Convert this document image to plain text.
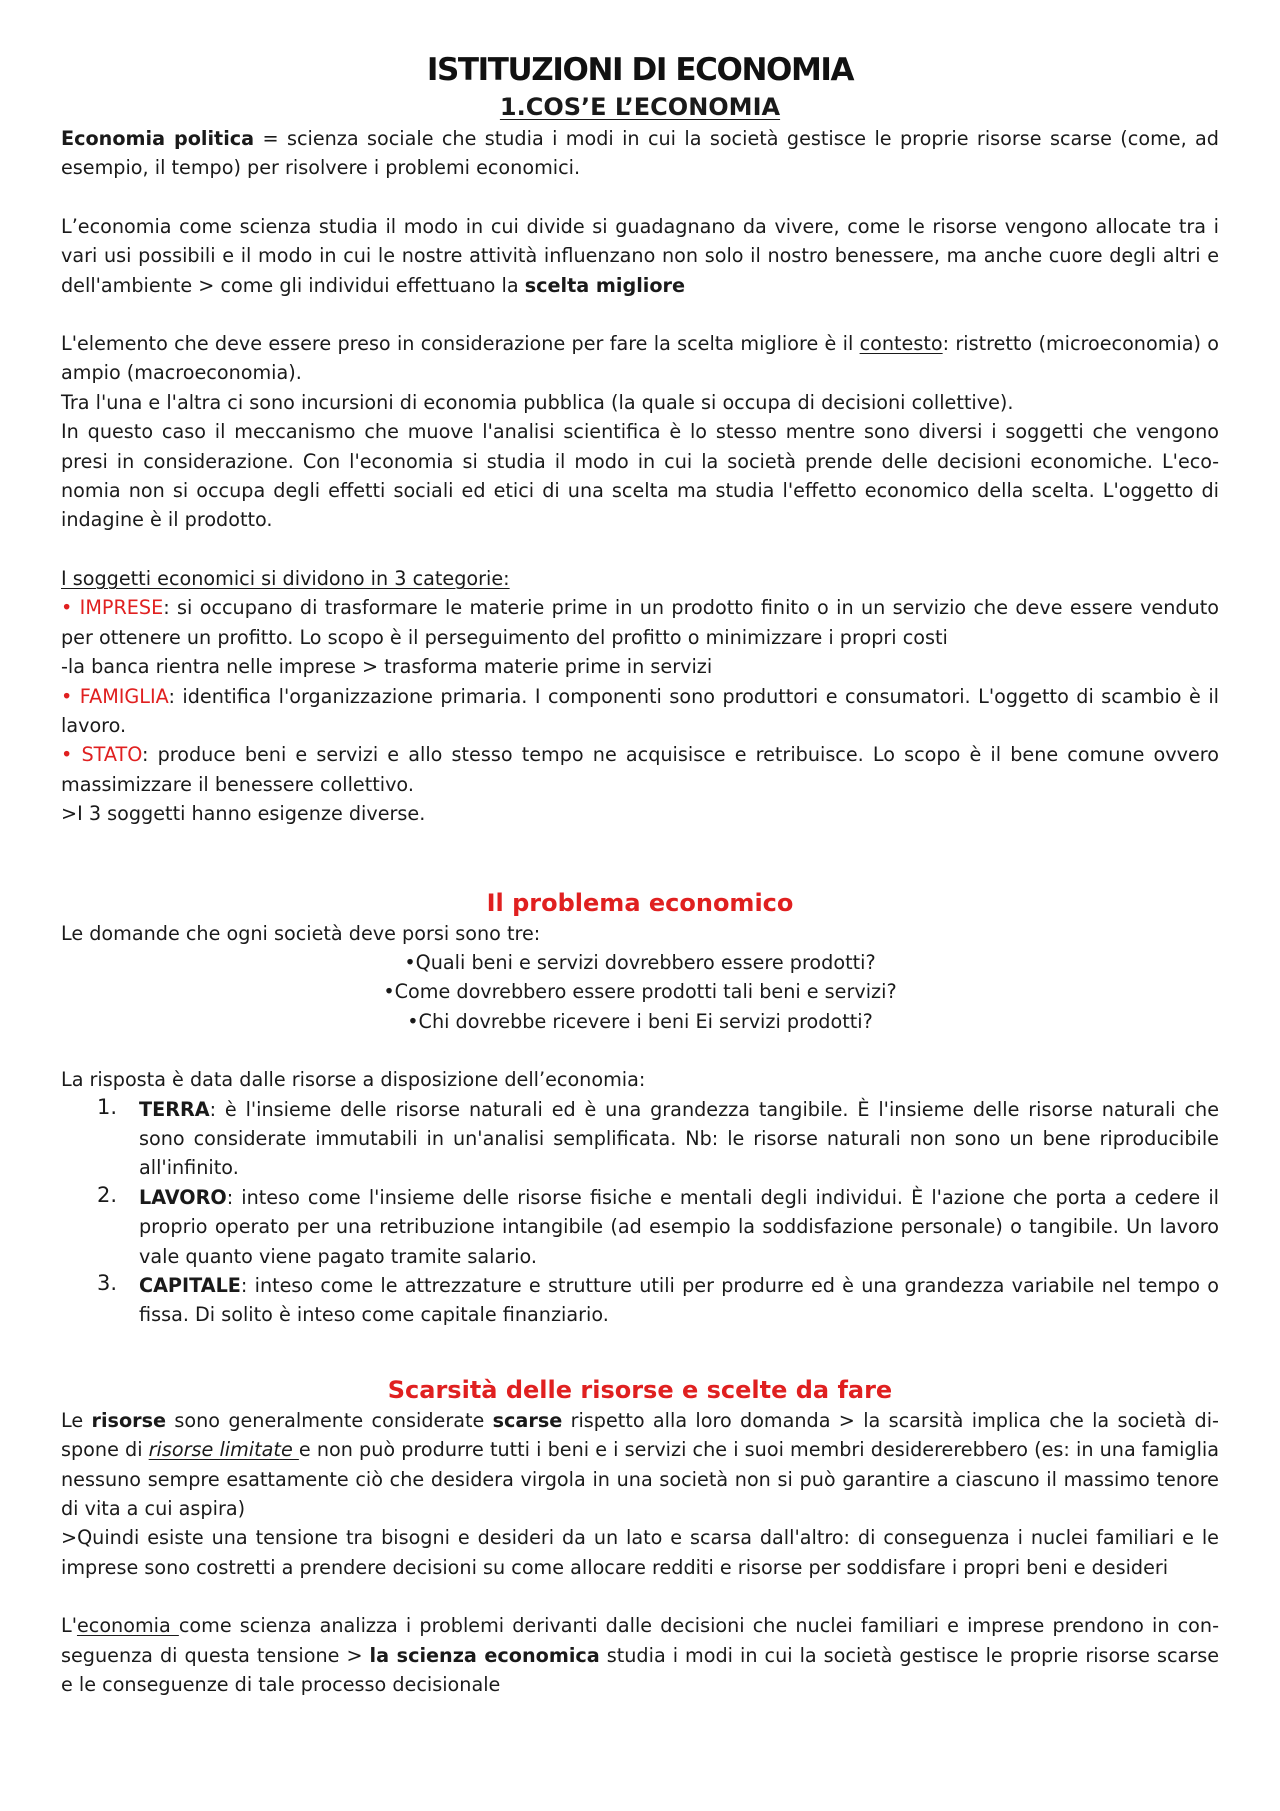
ISTITUZIONI DI ECONOMIA
1.COS’E L’ECONOMIA

Economia politica = scienza sociale che studia i modi in cui la società gestisce le proprie risorse scarse (come, ad esempio, il tempo) per risolvere i problemi economici.

L’economia come scienza studia il modo in cui divide si guadagnano da vivere, come le risorse vengono allocate tra i vari usi possibili e il modo in cui le nostre attività influenzano non solo il nostro benessere, ma anche cuore degli altri e dell'ambiente > come gli individui effettuano la scelta migliore

L'elemento che deve essere preso in considerazione per fare la scelta migliore è il contesto: ristretto (microeconomia) o ampio (macroeconomia).

Tra l'una e l'altra ci sono incursioni di economia pubblica (la quale si occupa di decisioni collettive).

In questo caso il meccanismo che muove l'analisi scientifica è lo stesso mentre sono diversi i soggetti che vengono presi in considerazione. Con l'economia si studia il modo in cui la società prende delle decisioni economiche. L'economia non si occupa degli effetti sociali ed etici di una scelta ma studia l'effetto economico della scelta. L'oggetto di indagine è il prodotto.

I soggetti economici si dividono in 3 categorie:

• IMPRESE: si occupano di trasformare le materie prime in un prodotto finito o in un servizio che deve essere venduto per ottenere un profitto. Lo scopo è il perseguimento del profitto o minimizzare i propri costi

-la banca rientra nelle imprese > trasforma materie prime in servizi

• FAMIGLIA: identifica l'organizzazione primaria. I componenti sono produttori e consumatori. L'oggetto di scambio è il lavoro.

• STATO: produce beni e servizi e allo stesso tempo ne acquisisce e retribuisce. Lo scopo è il bene comune ovvero massimizzare il benessere collettivo.

>I 3 soggetti hanno esigenze diverse.

Il problema economico

Le domande che ogni società deve porsi sono tre:

•Quali beni e servizi dovrebbero essere prodotti?

•Come dovrebbero essere prodotti tali beni e servizi?

•Chi dovrebbe ricevere i beni Ei servizi prodotti?

La risposta è data dalle risorse a disposizione dell’economia:

1. TERRA: è l'insieme delle risorse naturali ed è una grandezza tangibile. È l'insieme delle risorse naturali che sono considerate immutabili in un'analisi semplificata. Nb: le risorse naturali non sono un bene riproducibile all'infinito.
2. LAVORO: inteso come l'insieme delle risorse fisiche e mentali degli individui. È l'azione che porta a cedere il proprio operato per una retribuzione intangibile (ad esempio la soddisfazione personale) o tangibile. Un lavoro vale quanto viene pagato tramite salario.
3. CAPITALE: inteso come le attrezzature e strutture utili per produrre ed è una grandezza variabile nel tempo o fissa. Di solito è inteso come capitale finanziario.
Scarsità delle risorse e scelte da fare

Le risorse sono generalmente considerate scarse rispetto alla loro domanda > la scarsità implica che la società dispone di risorse limitate e non può produrre tutti i beni e i servizi che i suoi membri desidererebbero (es: in una famiglia nessuno sempre esattamente ciò che desidera virgola in una società non si può garantire a ciascuno il massimo tenore di vita a cui aspira)

>Quindi esiste una tensione tra bisogni e desideri da un lato e scarsa dall'altro: di conseguenza i nuclei familiari e le imprese sono costretti a prendere decisioni su come allocare redditi e risorse per soddisfare i propri beni e desideri

L'economia come scienza analizza i problemi derivanti dalle decisioni che nuclei familiari e imprese prendono in conseguenza di questa tensione > la scienza economica studia i modi in cui la società gestisce le proprie risorse scarse e le conseguenze di tale processo decisionale
